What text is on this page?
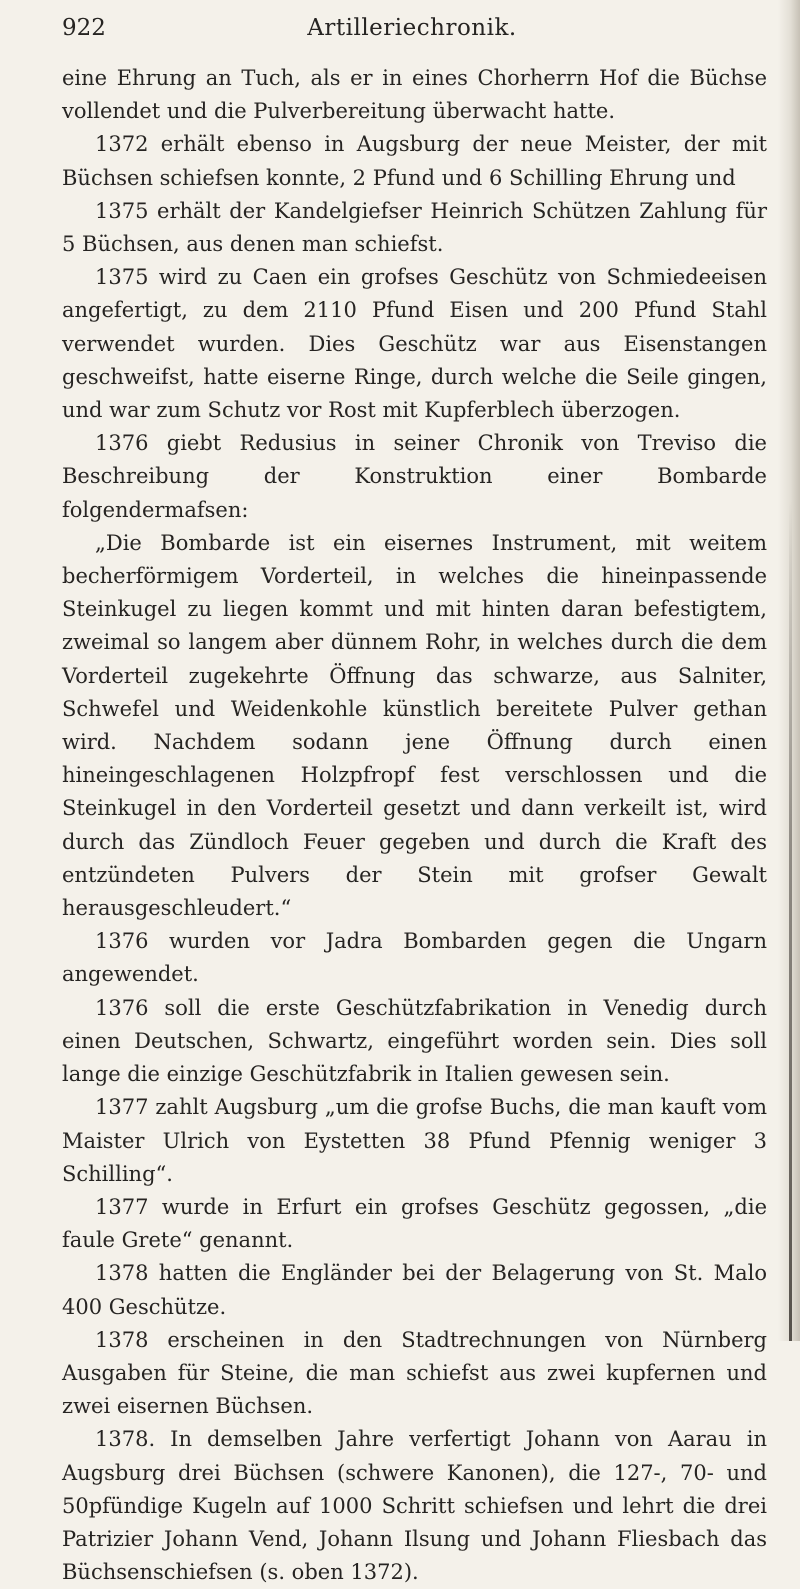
922	Artilleriechronik.

eine Ehrung an Tuch, als er in eines Chorherrn Hof die Büchse vollendet und die Pulverbereitung überwacht hatte.

1372 erhält ebenso in Augsburg der neue Meister, der mit Büchsen schiefsen konnte, 2 Pfund und 6 Schilling Ehrung und

1375 erhält der Kandelgiefser Heinrich Schützen Zahlung für 5 Büchsen, aus denen man schiefst.

1375 wird zu Caen ein grofses Geschütz von Schmiedeeisen angefertigt, zu dem 2110 Pfund Eisen und 200 Pfund Stahl verwendet wurden. Dies Geschütz war aus Eisenstangen geschweifst, hatte eiserne Ringe, durch welche die Seile gingen, und war zum Schutz vor Rost mit Kupferblech überzogen.

1376 giebt Redusius in seiner Chronik von Treviso die Beschreibung der Konstruktion einer Bombarde folgendermafsen:

„Die Bombarde ist ein eisernes Instrument, mit weitem becherförmigem Vorderteil, in welches die hineinpassende Steinkugel zu liegen kommt und mit hinten daran befestigtem, zweimal so langem aber dünnem Rohr, in welches durch die dem Vorderteil zugekehrte Öffnung das schwarze, aus Salniter, Schwefel und Weidenkohle künstlich bereitete Pulver gethan wird. Nachdem sodann jene Öffnung durch einen hineingeschlagenen Holzpfropf fest verschlossen und die Steinkugel in den Vorderteil gesetzt und dann verkeilt ist, wird durch das Zündloch Feuer gegeben und durch die Kraft des entzündeten Pulvers der Stein mit grofser Gewalt herausgeschleudert.“

1376 wurden vor Jadra Bombarden gegen die Ungarn angewendet.

1376 soll die erste Geschützfabrikation in Venedig durch einen Deutschen, Schwartz, eingeführt worden sein. Dies soll lange die einzige Geschützfabrik in Italien gewesen sein.

1377 zahlt Augsburg „um die grofse Buchs, die man kauft vom Maister Ulrich von Eystetten 38 Pfund Pfennig weniger 3 Schilling“.

1377 wurde in Erfurt ein grofses Geschütz gegossen, „die faule Grete“ genannt.

1378 hatten die Engländer bei der Belagerung von St. Malo 400 Geschütze.

1378 erscheinen in den Stadtrechnungen von Nürnberg Ausgaben für Steine, die man schiefst aus zwei kupfernen und zwei eisernen Büchsen.

1378. In demselben Jahre verfertigt Johann von Aarau in Augsburg drei Büchsen (schwere Kanonen), die 127-, 70- und 50pfündige Kugeln auf 1000 Schritt schiefsen und lehrt die drei Patrizier Johann Vend, Johann Ilsung und Johann Fliesbach das Büchsenschiefsen (s. oben 1372).
